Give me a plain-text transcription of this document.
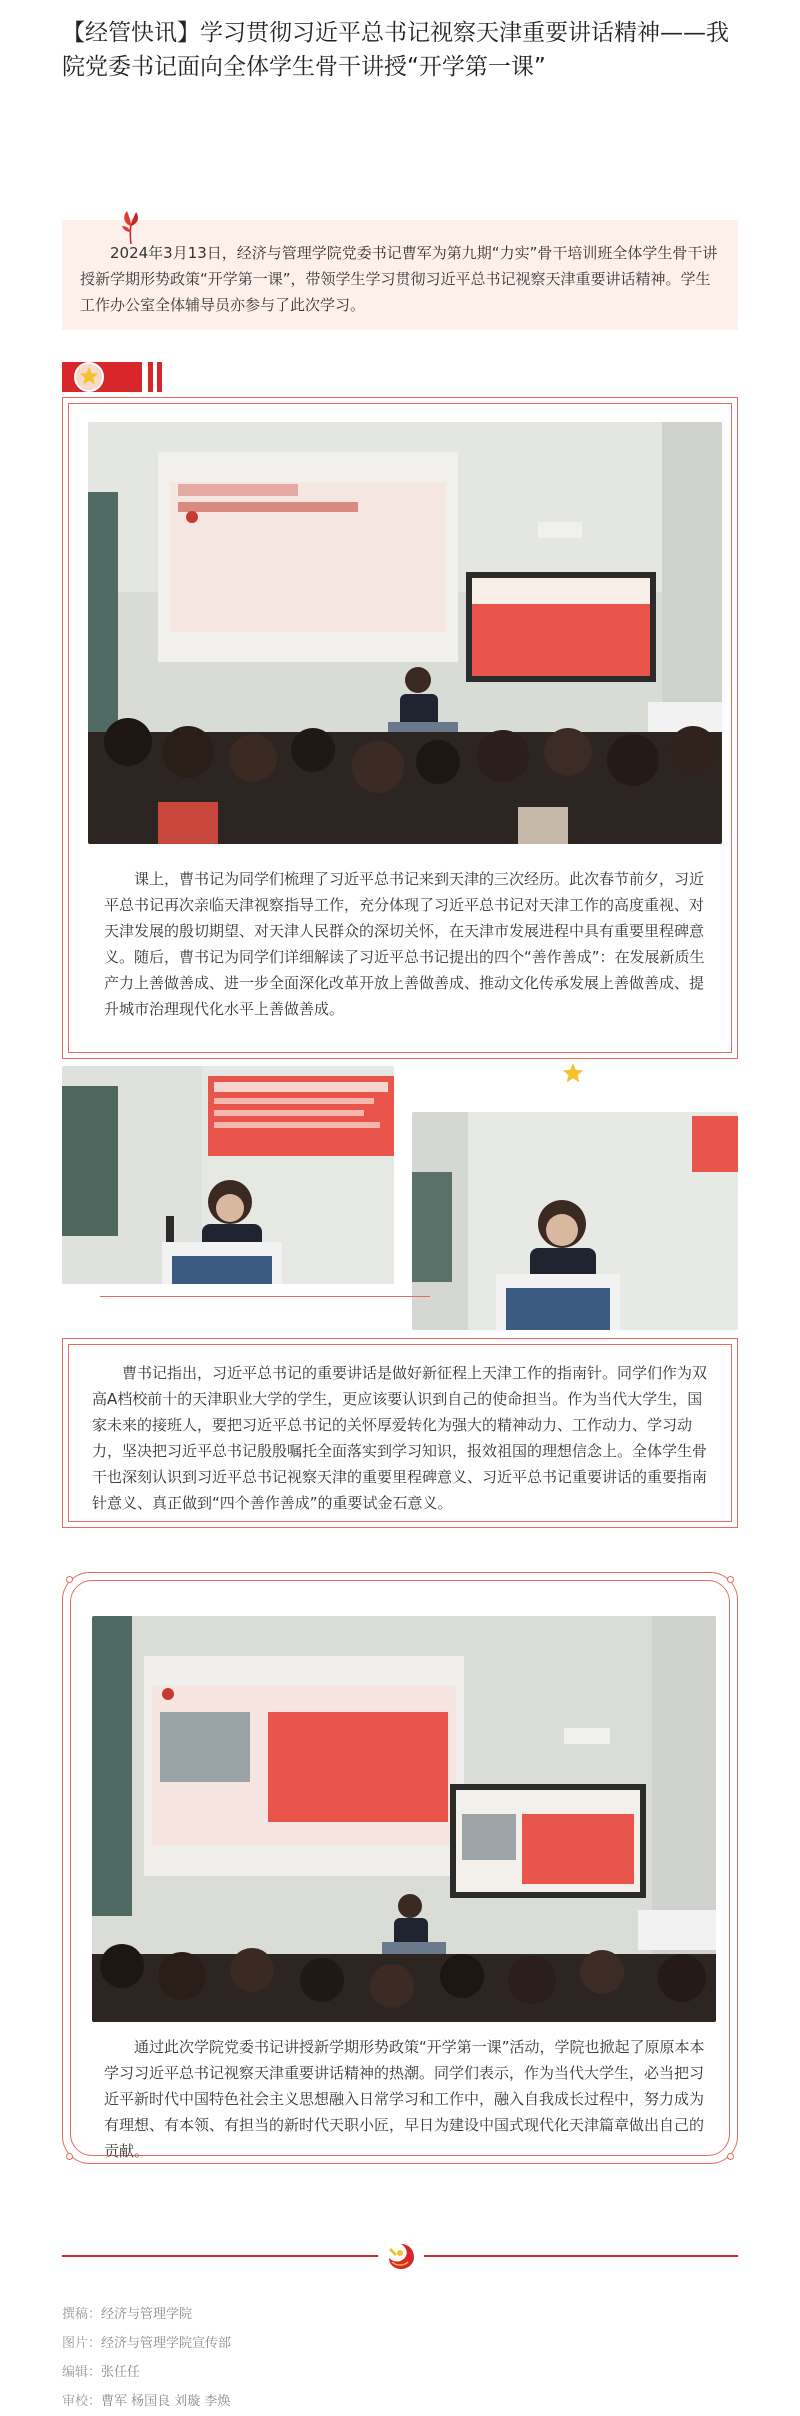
【经管快讯】学习贯彻习近平总书记视察天津重要讲话精神——我院党委书记面向全体学生骨干讲授“开学第一课”

2024年3月13日，经济与管理学院党委书记曹军为第九期“力实”骨干培训班全体学生骨干讲授新学期形势政策“开学第一课”，带领学生学习贯彻习近平总书记视察天津重要讲话精神。学生工作办公室全体辅导员亦参与了此次学习。

课上，曹书记为同学们梳理了习近平总书记来到天津的三次经历。此次春节前夕，习近平总书记再次亲临天津视察指导工作，充分体现了习近平总书记对天津工作的高度重视、对天津发展的殷切期望、对天津人民群众的深切关怀，在天津市发展进程中具有重要里程碑意义。随后，曹书记为同学们详细解读了习近平总书记提出的四个“善作善成”：在发展新质生产力上善做善成、进一步全面深化改革开放上善做善成、推动文化传承发展上善做善成、提升城市治理现代化水平上善做善成。

曹书记指出，习近平总书记的重要讲话是做好新征程上天津工作的指南针。同学们作为双高A档校前十的天津职业大学的学生，更应该要认识到自己的使命担当。作为当代大学生，国家未来的接班人，要把习近平总书记的关怀厚爱转化为强大的精神动力、工作动力、学习动力，坚决把习近平总书记殷殷嘱托全面落实到学习知识，报效祖国的理想信念上。全体学生骨干也深刻认识到习近平总书记视察天津的重要里程碑意义、习近平总书记重要讲话的重要指南针意义、真正做到“四个善作善成”的重要试金石意义。

通过此次学院党委书记讲授新学期形势政策“开学第一课”活动，学院也掀起了原原本本学习习近平总书记视察天津重要讲话精神的热潮。同学们表示，作为当代大学生，必当把习近平新时代中国特色社会主义思想融入日常学习和工作中，融入自我成长过程中，努力成为有理想、有本领、有担当的新时代天职小匠，早日为建设中国式现代化天津篇章做出自己的贡献。

撰稿：经济与管理学院
图片：经济与管理学院宣传部
编辑：张任任
审校：曹军 杨国良 刘璇 李焕
